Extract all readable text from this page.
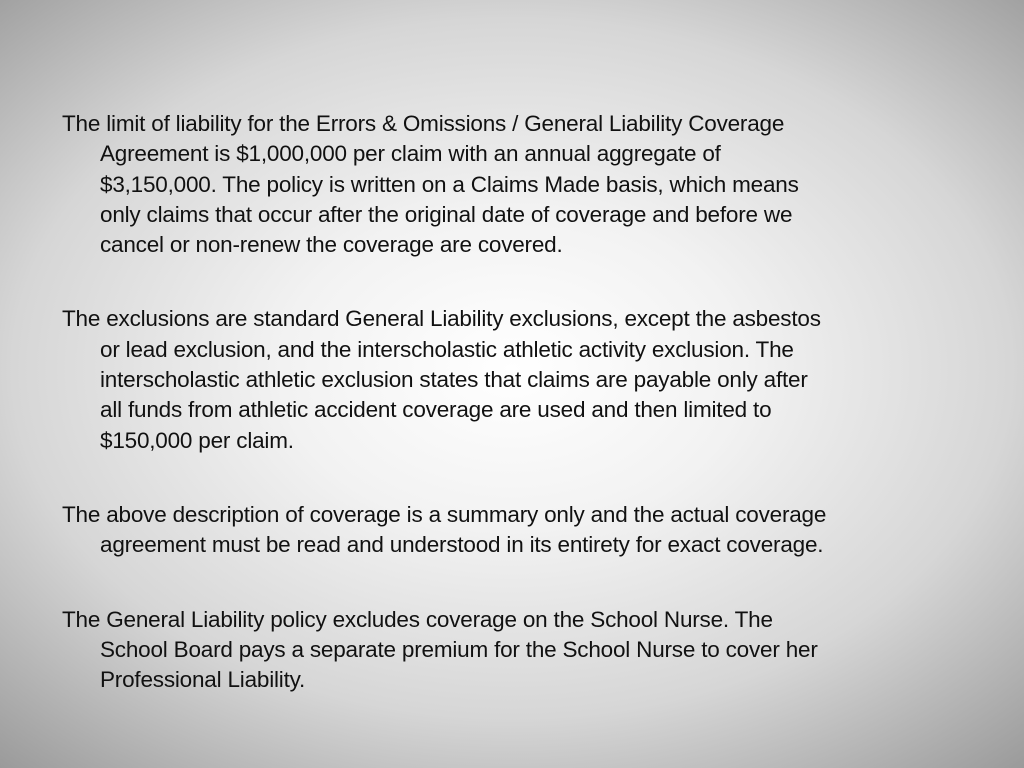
The limit of liability for the Errors & Omissions / General Liability Coverage
Agreement is $1,000,000 per claim with an annual aggregate of
$3,150,000. The policy is written on a Claims Made basis, which means
only claims that occur after the original date of coverage and before we
cancel or non-renew the coverage are covered.

The exclusions are standard General Liability exclusions, except the asbestos
or lead exclusion, and the interscholastic athletic activity exclusion. The
interscholastic athletic exclusion states that claims are payable only after
all funds from athletic accident coverage are used and then limited to
$150,000 per claim.

The above description of coverage is a summary only and the actual coverage
agreement must be read and understood in its entirety for exact coverage.

The General Liability policy excludes coverage on the School Nurse. The
School Board pays a separate premium for the School Nurse to cover her
Professional Liability.
